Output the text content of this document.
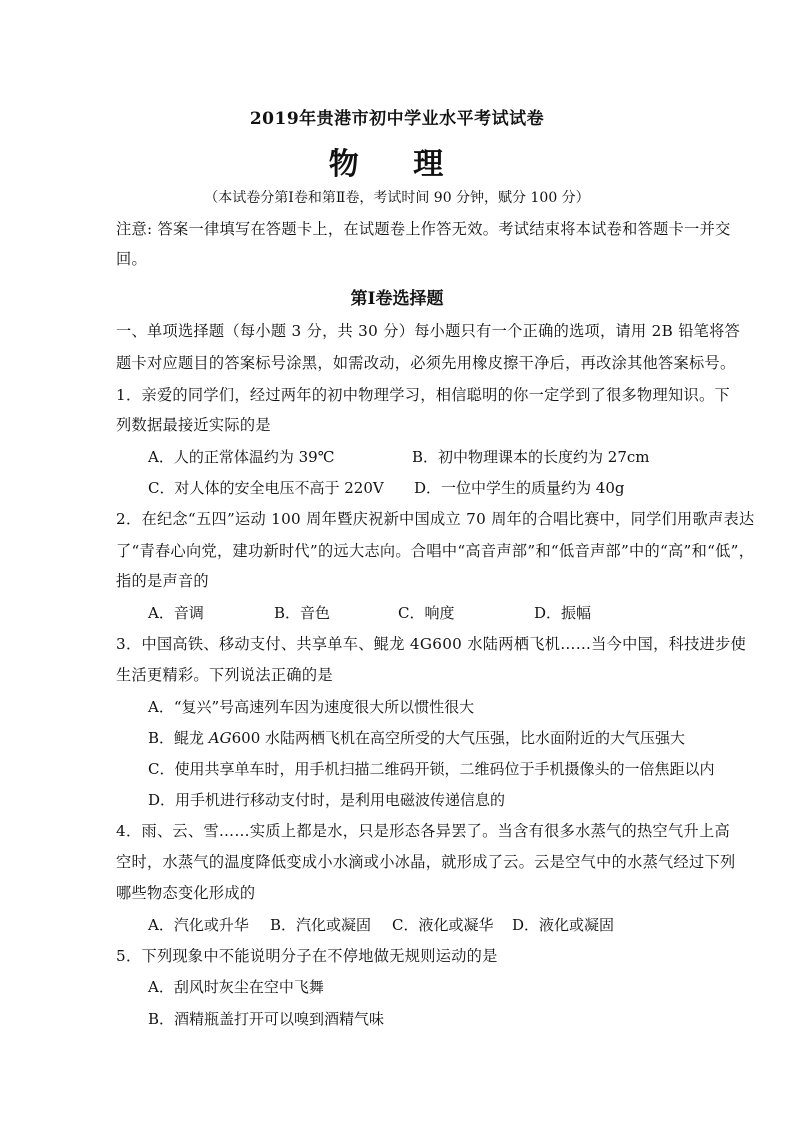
2019年贵港市初中学业水平考试试卷
物 理
（本试卷分第Ⅰ卷和第Ⅱ卷，考试时间 90 分钟，赋分 100 分）
注意: 答案一律填写在答题卡上，在试题卷上作答无效。考试结束将本试卷和答题卡一并交
回。
第Ⅰ卷选择题
一、单项选择题（每小题 3 分，共 30 分）每小题只有一个正确的选项，请用 2B 铅笔将答
题卡对应题目的答案标号涂黑，如需改动，必须先用橡皮擦干净后，再改涂其他答案标号。
1．亲爱的同学们，经过两年的初中物理学习，相信聪明的你一定学到了很多物理知识。下
列数据最接近实际的是
A．人的正常体温约为 39℃	B．初中物理课本的长度约为 27cm
C．对人体的安全电压不高于 220V D．一位中学生的质量约为 40g
2．在纪念“五四”运动 100 周年暨庆祝新中国成立 70 周年的合唱比赛中，同学们用歌声表达
了“青春心向党，建功新时代”的远大志向。合唱中“高音声部”和“低音声部”中的“高”和“低”，
指的是声音的
A．音调	B．音色	C．响度	D．振幅
3．中国高铁、移动支付、共享单车、鲲龙 4G600 水陆两栖飞机……当今中国，科技进步使
生活更精彩。下列说法正确的是
A．“复兴”号高速列车因为速度很大所以惯性很大
B．鲲龙 AG600 水陆两栖飞机在高空所受的大气压强，比水面附近的大气压强大
C．使用共享单车时，用手机扫描二维码开锁，二维码位于手机摄像头的一倍焦距以内
D．用手机进行移动支付时，是利用电磁波传递信息的
4．雨、云、雪……实质上都是水，只是形态各异罢了。当含有很多水蒸气的热空气升上高
空时，水蒸气的温度降低变成小水滴或小冰晶，就形成了云。云是空气中的水蒸气经过下列
哪些物态变化形成的
A．汽化或升华 B．汽化或凝固 C．液化或凝华 D．液化或凝固
5．下列现象中不能说明分子在不停地做无规则运动的是
A．刮风时灰尘在空中飞舞
B．酒精瓶盖打开可以嗅到酒精气味
